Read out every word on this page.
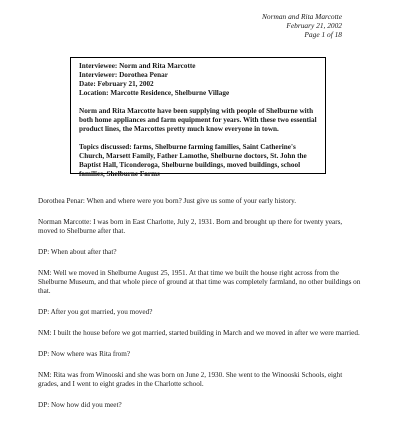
Norman and Rita Marcotte
February 21, 2002
Page 1 of 18
Interviewee: Norm and Rita Marcotte
Interviewer: Dorothea Penar
Date: February 21, 2002
Location: Marcotte Residence, Shelburne Village

Norm and Rita Marcotte have been supplying with people of Shelburne with both home appliances and farm equipment for years. With these two essential product lines, the Marcottes pretty much know everyone in town.

Topics discussed: farms, Shelburne farming families, Saint Catherine's Church, Marsett Family, Father Lamothe, Shelburne doctors, St. John the Baptist Hall, Ticonderoga, Shelburne buildings, moved buildings, school families, Shelburne Farms

Dorothea Penar: When and where were you born? Just give us some of your early history.

Norman Marcotte: I was born in East Charlotte, July 2, 1931. Born and brought up there for twenty years, moved to Shelburne after that.

DP: When about after that?

NM: Well we moved in Shelburne August 25, 1951. At that time we built the house right across from the Shelburne Museum, and that whole piece of ground at that time was completely farmland, no other buildings on that.

DP: After you got married, you moved?

NM: I built the house before we got married, started building in March and we moved in after we were married.

DP: Now where was Rita from?

NM: Rita was from Winooski and she was born on June 2, 1930. She went to the Winooski Schools, eight grades, and I went to eight grades in the Charlotte school.

DP: Now how did you meet?
